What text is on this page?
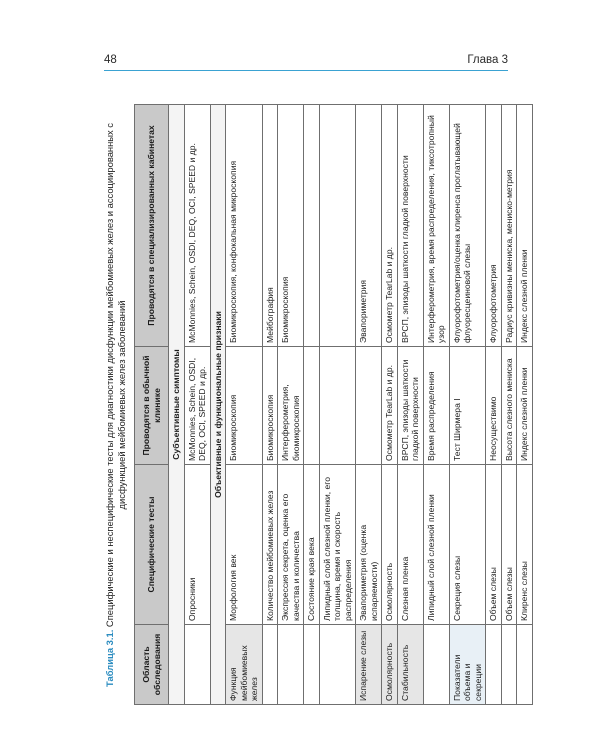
48	Глава 3
Таблица 3.1. Специфические и неспецифические тесты для диагностики дисфункции мейбомиевых желез и ассоциированных с дисфункцией мейбомиевых желез заболеваний
Область обследования	Специфические тесты	Проводятся в обычной клинике	Проводятся в специализированных кабинетах
Субъективные симптомы			
	Опросники	McMonnies, Schein, OSDI, DEQ, OCI, SPEED и др.	McMonnies, Schein, OSDI, DEQ, OCI, SPEED и др.
Объективные и функциональные признаки			
Функция мейбомиевых желез	Морфология век	Биомикроскопия	Биомикроскопия, конфокальная микроскопия
	Количество мейбомиевых желез	Биомикроскопия	Мейбография
	Экспрессия секрета, оценка его качества и количества	Интерферометрия, биомикроскопия	Биомикроскопия
	Состояние края века		
	Липидный слой слезной пленки, его толщина, время и скорость распределения		
Испарение слезы	Эвапориметрия (оценка испаряемости)		Эвапориметрия
Осмолярность	Осмолярность	Осмометр TearLab и др.	Осмометр TearLab и др.
Стабильность	Слезная пленка	ВРСП, эпизоды шаткости гладкой поверхности	ВРСП, эпизоды шаткости гладкой поверхности
	Липидный слой слезной пленки	Время распределения	Интерферометрия, время распределения, тиксотропный узор
Показатели объема и секреции	Секреция слезы	Тест Ширмера I	Флуорофотометрия/оценка клиренса проглатывающей флуоресцеиновой слезы
	Объем слезы	Неосуществимо	Флуорофотометрия
	Объем слезы	Высота слезного мениска	Радиус кривизны мениска, мениско-метрия
	Клиренс слезы	Индекс слезной пленки	Индекс слезной пленки
